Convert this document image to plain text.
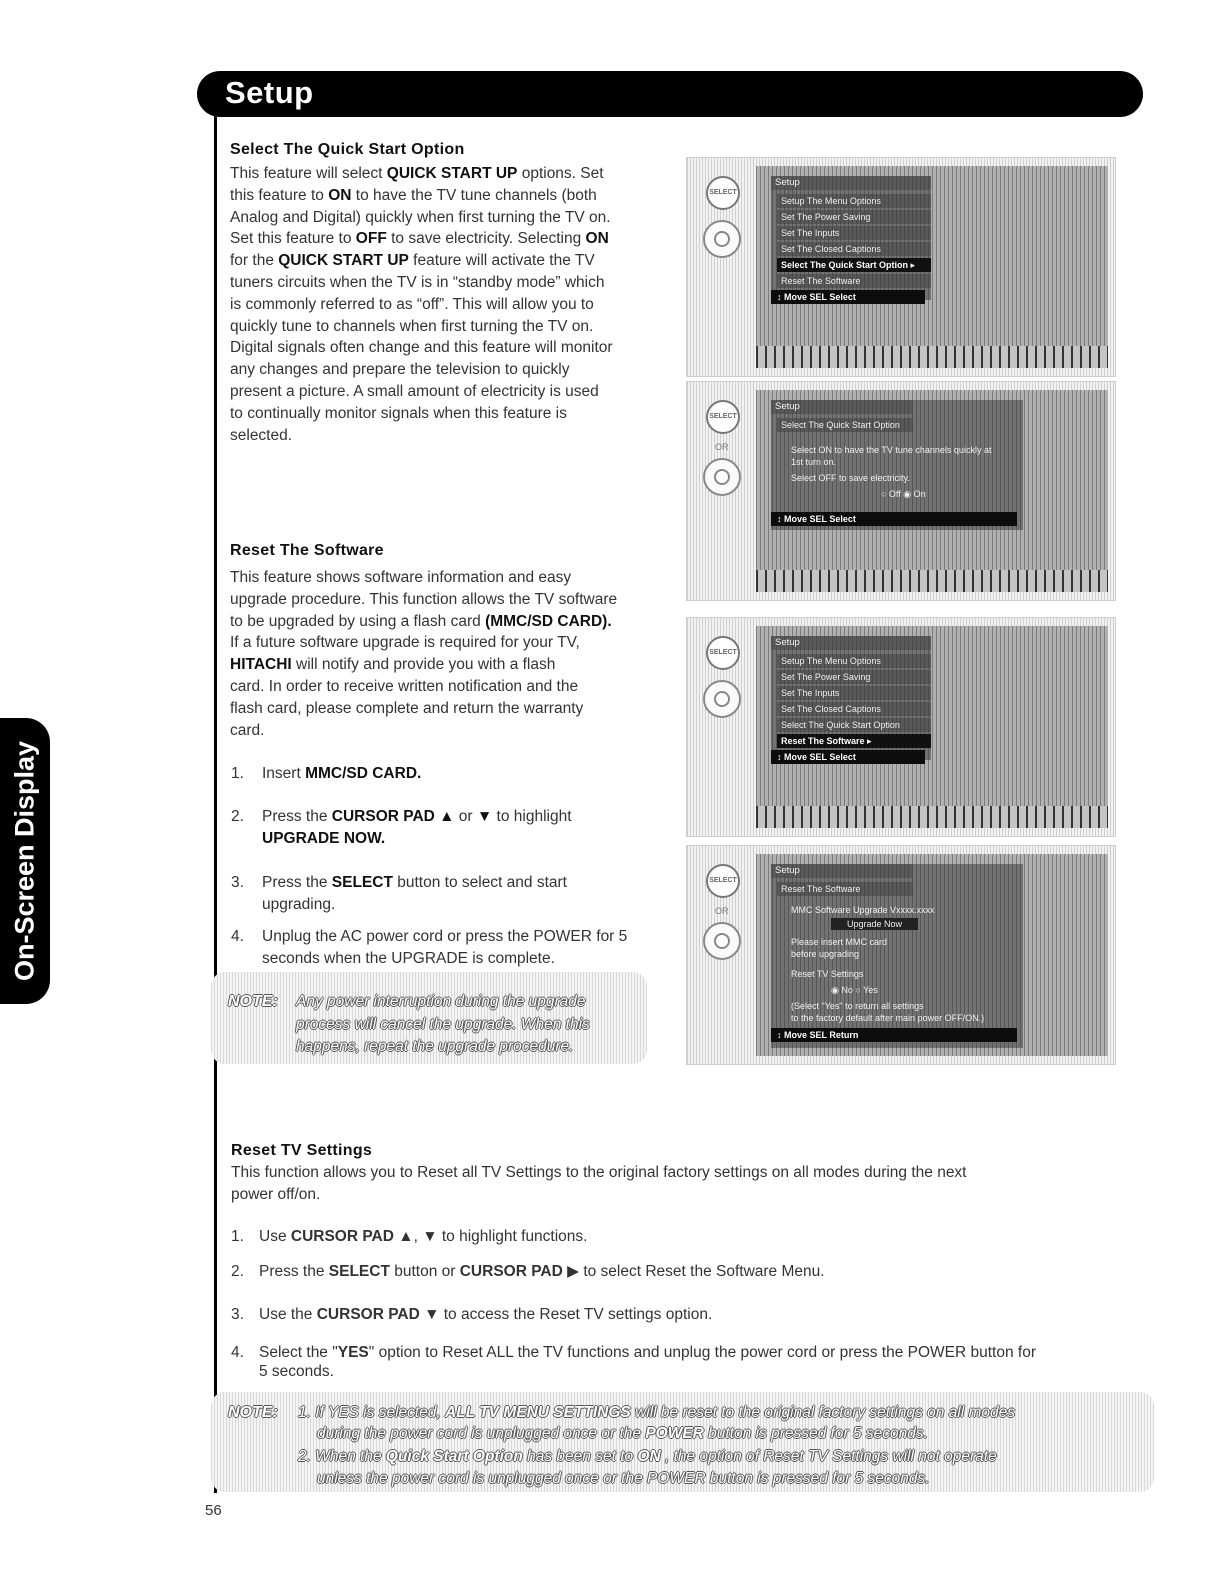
Setup
On-Screen Display
Select The Quick Start Option
This feature will select QUICK START UP options. Set
this feature to ON to have the TV tune channels (both
Analog and Digital) quickly when first turning the TV on.
Set this feature to OFF to save electricity. Selecting ON
for the QUICK START UP feature will activate the TV
tuners circuits when the TV is in “standby mode” which
is commonly referred to as “off”. This will allow you to
quickly tune to channels when first turning the TV on.
Digital signals often change and this feature will monitor
any changes and prepare the television to quickly
present a picture. A small amount of electricity is used
to continually monitor signals when this feature is
selected.
Reset The Software
This feature shows software information and easy
upgrade procedure. This function allows the TV software
to be upgraded by using a flash card (MMC/SD CARD).
If a future software upgrade is required for your TV,
HITACHI will notify and provide you with a flash
card. In order to receive written notification and the
flash card, please complete and return the warranty
card.
1. Insert MMC/SD CARD.
2. Press the CURSOR PAD ▲ or ▼ to highlight
UPGRADE NOW.
3. Press the SELECT button to select and start
upgrading.
4. Unplug the AC power cord or press the POWER for 5
seconds when the UPGRADE is complete.
NOTE: Any power interruption during the upgrade
process will cancel the upgrade. When this
happens, repeat the upgrade procedure.
SELECT
Setup
Setup The Menu Options
Set The Power Saving
Set The Inputs
Set The Closed Captions
Select The Quick Start Option ▸
Reset The Software
↕ Move SEL Select
SELECT
OR
Setup
Select The Quick Start Option
Select ON to have the TV tune channels quickly at
1st turn on.
Select OFF to save electricity.
○ Off ◉ On
↕ Move SEL Select
SELECT
Setup
Setup The Menu Options
Set The Power Saving
Set The Inputs
Set The Closed Captions
Select The Quick Start Option
Reset The Software ▸
↕ Move SEL Select
SELECT
OR
Setup
Reset The Software
MMC Software Upgrade Vxxxx.xxxx
Upgrade Now
Please insert MMC card
before upgrading
Reset TV Settings
◉ No ○ Yes
(Select "Yes" to return all settings
to the factory default after main power OFF/ON.)
↕ Move SEL Return
Reset TV Settings
This function allows you to Reset all TV Settings to the original factory settings on all modes during the next
power off/on.
1. Use CURSOR PAD ▲, ▼ to highlight functions.
2. Press the SELECT button or CURSOR PAD ▶ to select Reset the Software Menu.
3. Use the CURSOR PAD ▼ to access the Reset TV settings option.
4. Select the "YES" option to Reset ALL the TV functions and unplug the power cord or press the POWER button for
5 seconds.
NOTE: 1. If YES is selected, ALL TV MENU SETTINGS will be reset to the original factory settings on all modes
during the power cord is unplugged once or the POWER button is pressed for 5 seconds.
2. When the Quick Start Option has been set to ON , the option of Reset TV Settings will not operate
unless the power cord is unplugged once or the POWER button is pressed for 5 seconds.
56
